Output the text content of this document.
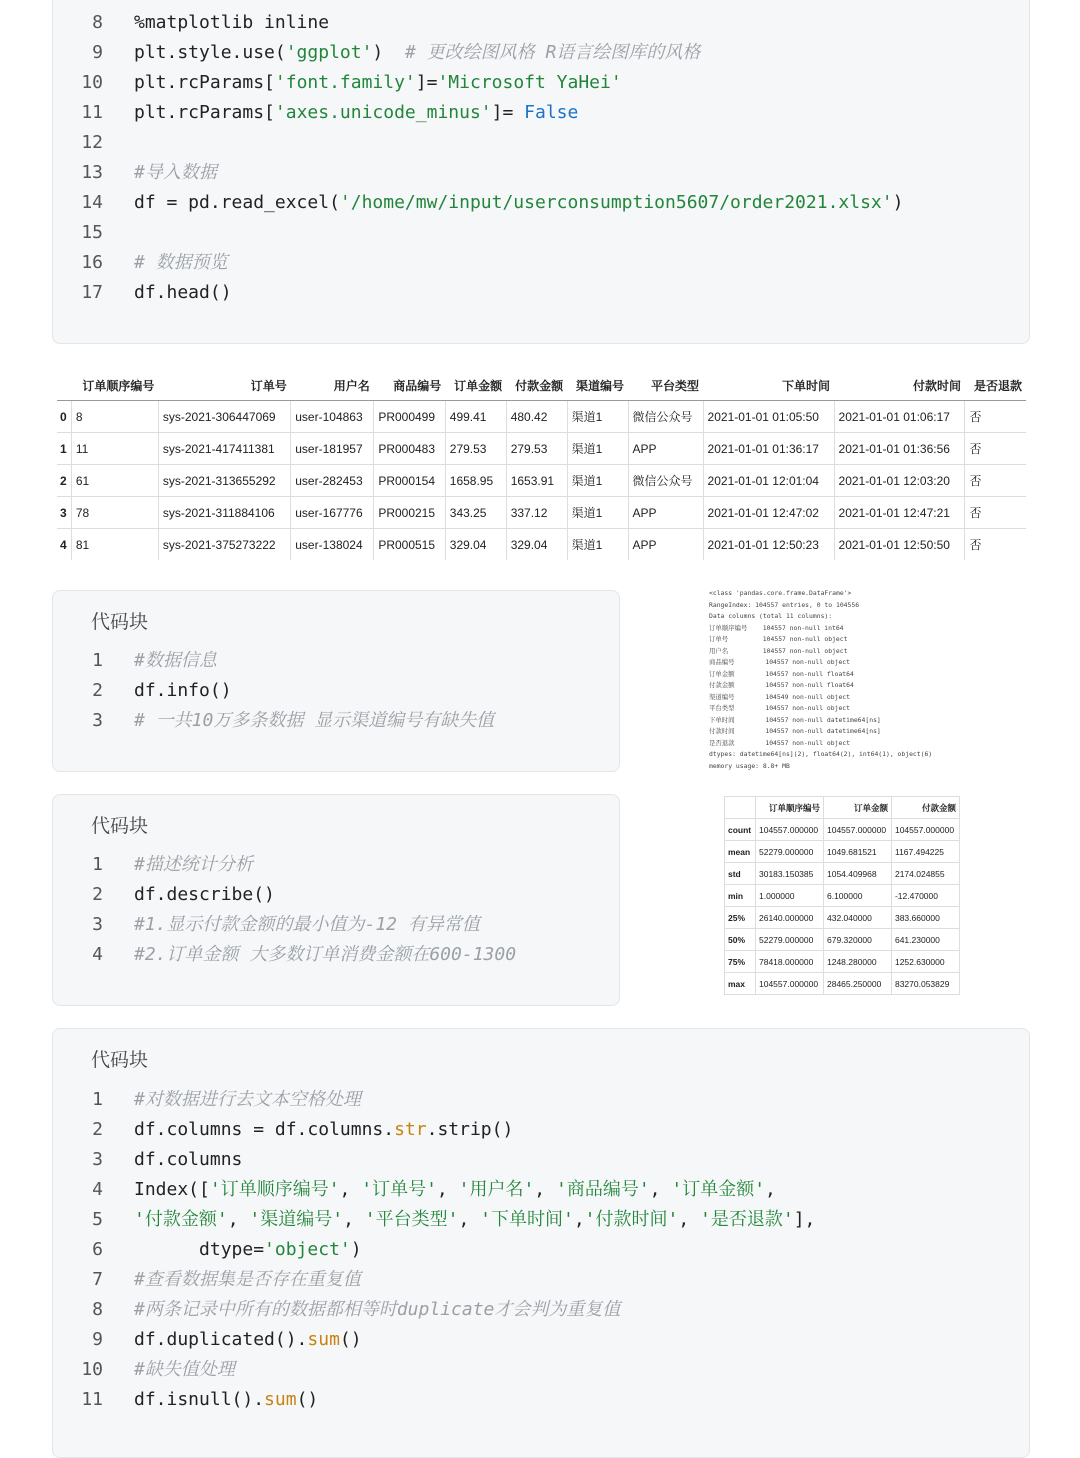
8 %matplotlib inline
9 plt.style.use('ggplot')  # 更改绘图风格 R语言绘图库的风格
10 plt.rcParams['font.family']='Microsoft YaHei'
11 plt.rcParams['axes.unicode_minus']= False
12
13 #导入数据
14 df = pd.read_excel('/home/mw/input/userconsumption5607/order2021.xlsx')
15
16 # 数据预览
17 df.head()
	订单顺序编号	订单号	用户名	商品编号	订单金额	付款金额	渠道编号	平台类型	下单时间	付款时间	是否退款
0	8	sys-2021-306447069	user-104863	PR000499	499.41	480.42	渠道1	微信公众号	2021-01-01 01:05:50	2021-01-01 01:06:17	否
1	11	sys-2021-417411381	user-181957	PR000483	279.53	279.53	渠道1	APP	2021-01-01 01:36:17	2021-01-01 01:36:56	否
2	61	sys-2021-313655292	user-282453	PR000154	1658.95	1653.91	渠道1	微信公众号	2021-01-01 12:01:04	2021-01-01 12:03:20	否
3	78	sys-2021-311884106	user-167776	PR000215	343.25	337.12	渠道1	APP	2021-01-01 12:47:02	2021-01-01 12:47:21	否
4	81	sys-2021-375273222	user-138024	PR000515	329.04	329.04	渠道1	APP	2021-01-01 12:50:23	2021-01-01 12:50:50	否
代码块
1 #数据信息
2 df.info()
3 # 一共10万多条数据 显示渠道编号有缺失值
<class 'pandas.core.frame.DataFrame'>
RangeIndex: 104557 entries, 0 to 104556
Data columns (total 11 columns):
订单顺序编号    104557 non-null int64
订单号         104557 non-null object
用户名         104557 non-null object
商品编号        104557 non-null object
订单金额        104557 non-null float64
付款金额        104557 non-null float64
渠道编号        104549 non-null object
平台类型        104557 non-null object
下单时间        104557 non-null datetime64[ns]
付款时间        104557 non-null datetime64[ns]
是否退款        104557 non-null object
dtypes: datetime64[ns](2), float64(2), int64(1), object(6)
memory usage: 8.8+ MB
代码块
1 #描述统计分析
2 df.describe()
3 #1.显示付款金额的最小值为-12 有异常值
4 #2.订单金额 大多数订单消费金额在600-1300
	订单顺序编号	订单金额	付款金额
count	104557.000000	104557.000000	104557.000000
mean	52279.000000	1049.681521	1167.494225
std	30183.150385	1054.409968	2174.024855
min	1.000000	6.100000	-12.470000
25%	26140.000000	432.040000	383.660000
50%	52279.000000	679.320000	641.230000
75%	78418.000000	1248.280000	1252.630000
max	104557.000000	28465.250000	83270.053829
代码块
1 #对数据进行去文本空格处理
2 df.columns = df.columns.str.strip()
3 df.columns
4 Index(['订单顺序编号', '订单号', '用户名', '商品编号', '订单金额',
5 '付款金额', '渠道编号', '平台类型', '下单时间','付款时间', '是否退款'],
6 dtype='object')
7 #查看数据集是否存在重复值
8 #两条记录中所有的数据都相等时duplicate才会判为重复值
9 df.duplicated().sum()
10 #缺失值处理
11 df.isnull().sum()
